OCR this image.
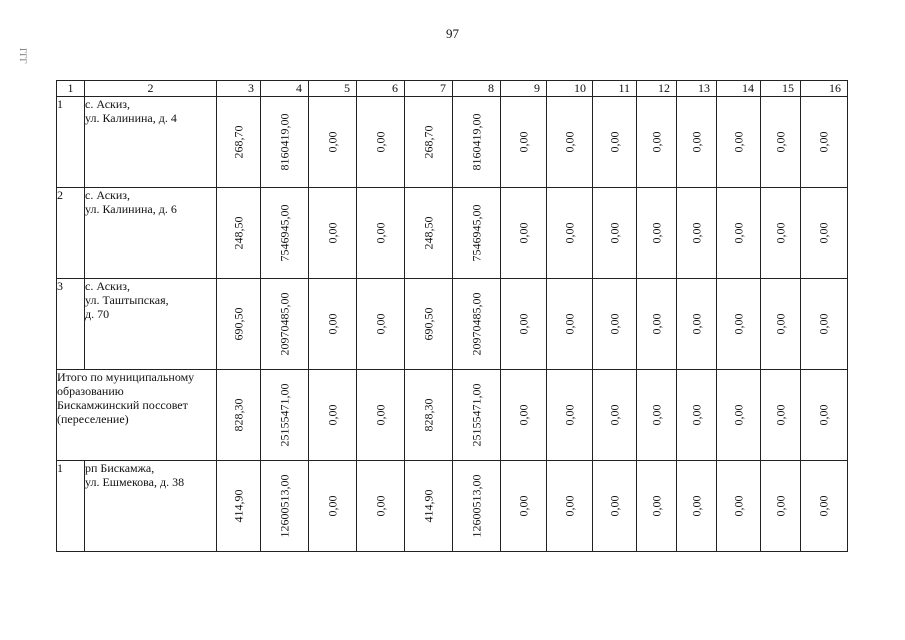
97
ГГГ
1	2	3	4	5	6	7	8	9	10	11	12	13	14	15	16
1	с. Аскиз,
ул. Калинина, д. 4	268,70	8160419,00	0,00	0,00	268,70	8160419,00	0,00	0,00	0,00	0,00	0,00	0,00	0,00	0,00

2	с. Аскиз,
ул. Калинина, д. 6	248,50	7546945,00	0,00	0,00	248,50	7546945,00	0,00	0,00	0,00	0,00	0,00	0,00	0,00	0,00

3	с. Аскиз,
ул. Таштыпская,
д. 70	690,50	20970485,00	0,00	0,00	690,50	20970485,00	0,00	0,00	0,00	0,00	0,00	0,00	0,00	0,00

Итого по муниципальному
образованию
Бискамжинский поссовет
(переселение)		828,30	25155471,00	0,00	0,00	828,30	25155471,00	0,00	0,00	0,00	0,00	0,00	0,00	0,00	0,00

1	рп Бискамжа,
ул. Ешмекова, д. 38	414,90	12600513,00	0,00	0,00	414,90	12600513,00	0,00	0,00	0,00	0,00	0,00	0,00	0,00	0,00
